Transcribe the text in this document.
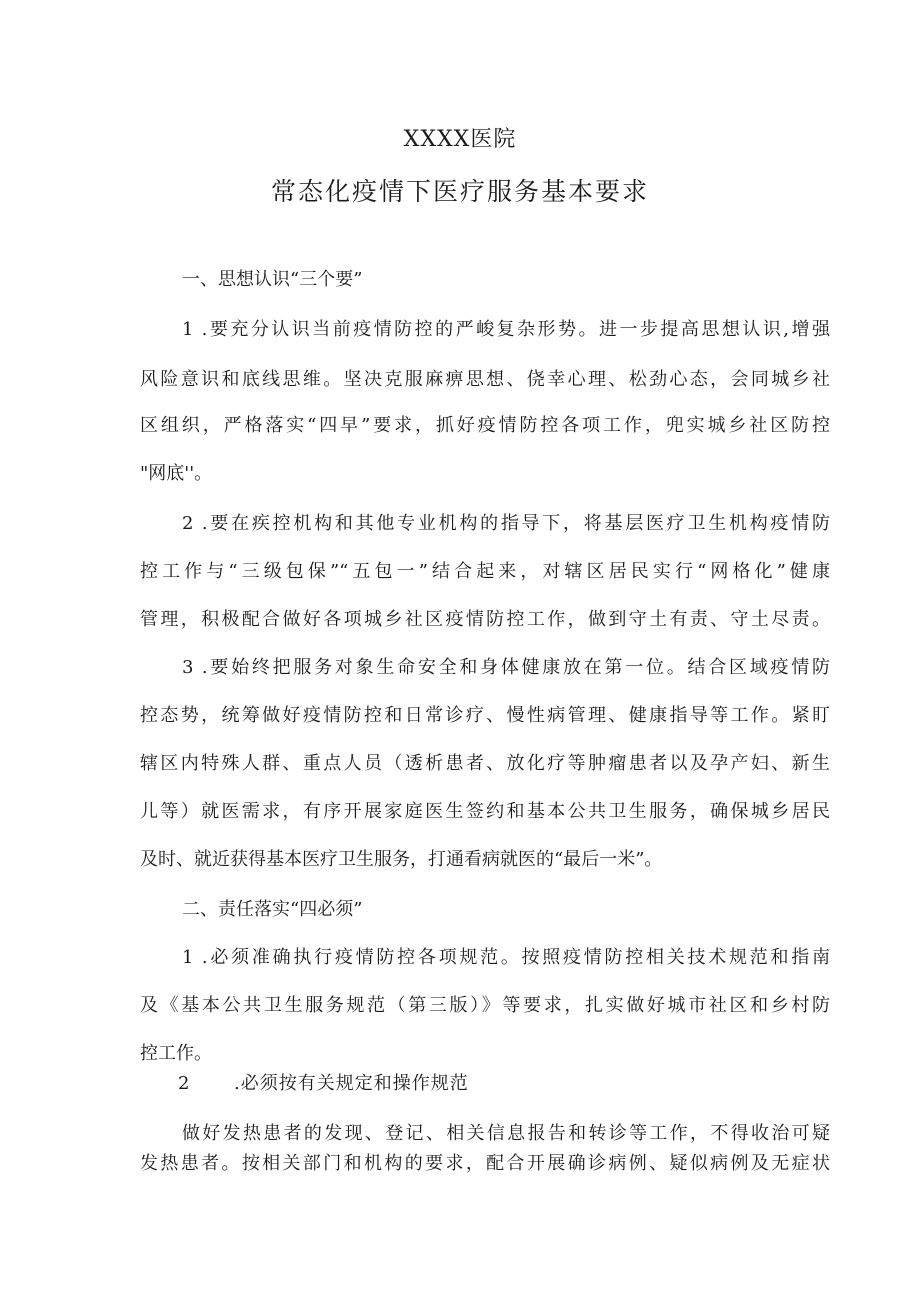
XXXX医院
常态化疫情下医疗服务基本要求
一、思想认识“三个要”
1 .要充分认识当前疫情防控的严峻复杂形势。进一步提高思想认识,增强
风险意识和底线思维。坚决克服麻痹思想、侥幸心理、松劲心态，会同城乡社
区组织，严格落实“四早”要求，抓好疫情防控各项工作，兜实城乡社区防控
"网底''。
2 .要在疾控机构和其他专业机构的指导下，将基层医疗卫生机构疫情防
控工作与“三级包保”“五包一”结合起来，对辖区居民实行“网格化”健康
管理，积极配合做好各项城乡社区疫情防控工作，做到守土有责、守土尽责。
3 .要始终把服务对象生命安全和身体健康放在第一位。结合区域疫情防
控态势，统筹做好疫情防控和日常诊疗、慢性病管理、健康指导等工作。紧盯
辖区内特殊人群、重点人员（透析患者、放化疗等肿瘤患者以及孕产妇、新生
儿等）就医需求，有序开展家庭医生签约和基本公共卫生服务，确保城乡居民
及时、就近获得基本医疗卫生服务，打通看病就医的“最后一米”。
二、责任落实“四必须”
1 .必须准确执行疫情防控各项规范。按照疫情防控相关技术规范和指南
及《基本公共卫生服务规范（第三版）》等要求，扎实做好城市社区和乡村防
控工作。
2 .必须按有关规定和操作规范
做好发热患者的发现、登记、相关信息报告和转诊等工作，不得收治可疑
发热患者。按相关部门和机构的要求，配合开展确诊病例、疑似病例及无症状
